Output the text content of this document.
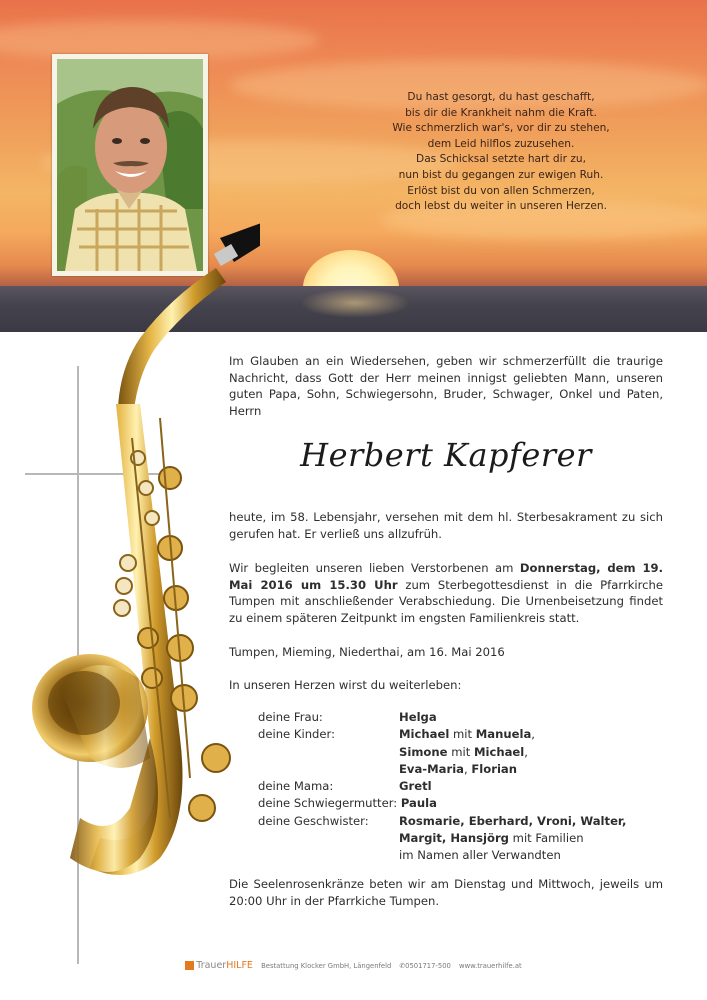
Du hast gesorgt, du hast geschafft,
bis dir die Krankheit nahm die Kraft.
Wie schmerzlich war's, vor dir zu stehen,
dem Leid hilflos zuzusehen.
Das Schicksal setzte hart dir zu,
nun bist du gegangen zur ewigen Ruh.
Erlöst bist du von allen Schmerzen,
doch lebst du weiter in unseren Herzen.
Im Glauben an ein Wiedersehen, geben wir schmerzerfüllt die traurige Nachricht, dass Gott der Herr meinen innigst geliebten Mann, unseren guten Papa, Sohn, Schwiegersohn, Bruder, Schwager, Onkel und Paten, Herrn
Herbert Kapferer
heute, im 58. Lebensjahr, versehen mit dem hl. Sterbesakrament zu sich gerufen hat. Er verließ uns allzufrüh.
Wir begleiten unseren lieben Verstorbenen am Donnerstag, dem 19. Mai 2016 um 15.30 Uhr zum Sterbegottesdienst in die Pfarrkirche Tumpen mit anschließender Verabschiedung. Die Urnenbeisetzung findet zu einem späteren Zeitpunkt im engsten Familienkreis statt.
Tumpen, Mieming, Niederthai, am 16. Mai 2016
In unseren Herzen wirst du weiterleben:
deine Frau:	Helga
deine Kinder:	Michael mit Manuela,
Simone mit Michael,
Eva-Maria, Florian
deine Mama:	Gretl
deine Schwiegermutter: Paula
deine Geschwister:	Rosmarie, Eberhard, Vroni, Walter,
Margit, Hansjörg mit Familien
im Namen aller Verwandten
Die Seelenrosenkränze beten wir am Dienstag und Mittwoch, jeweils um 20:00 Uhr in der Pfarrkiche Tumpen.
TrauerHILFE Bestattung Klocker GmbH, Längenfeld ✆0501717-500 www.trauerhilfe.at
